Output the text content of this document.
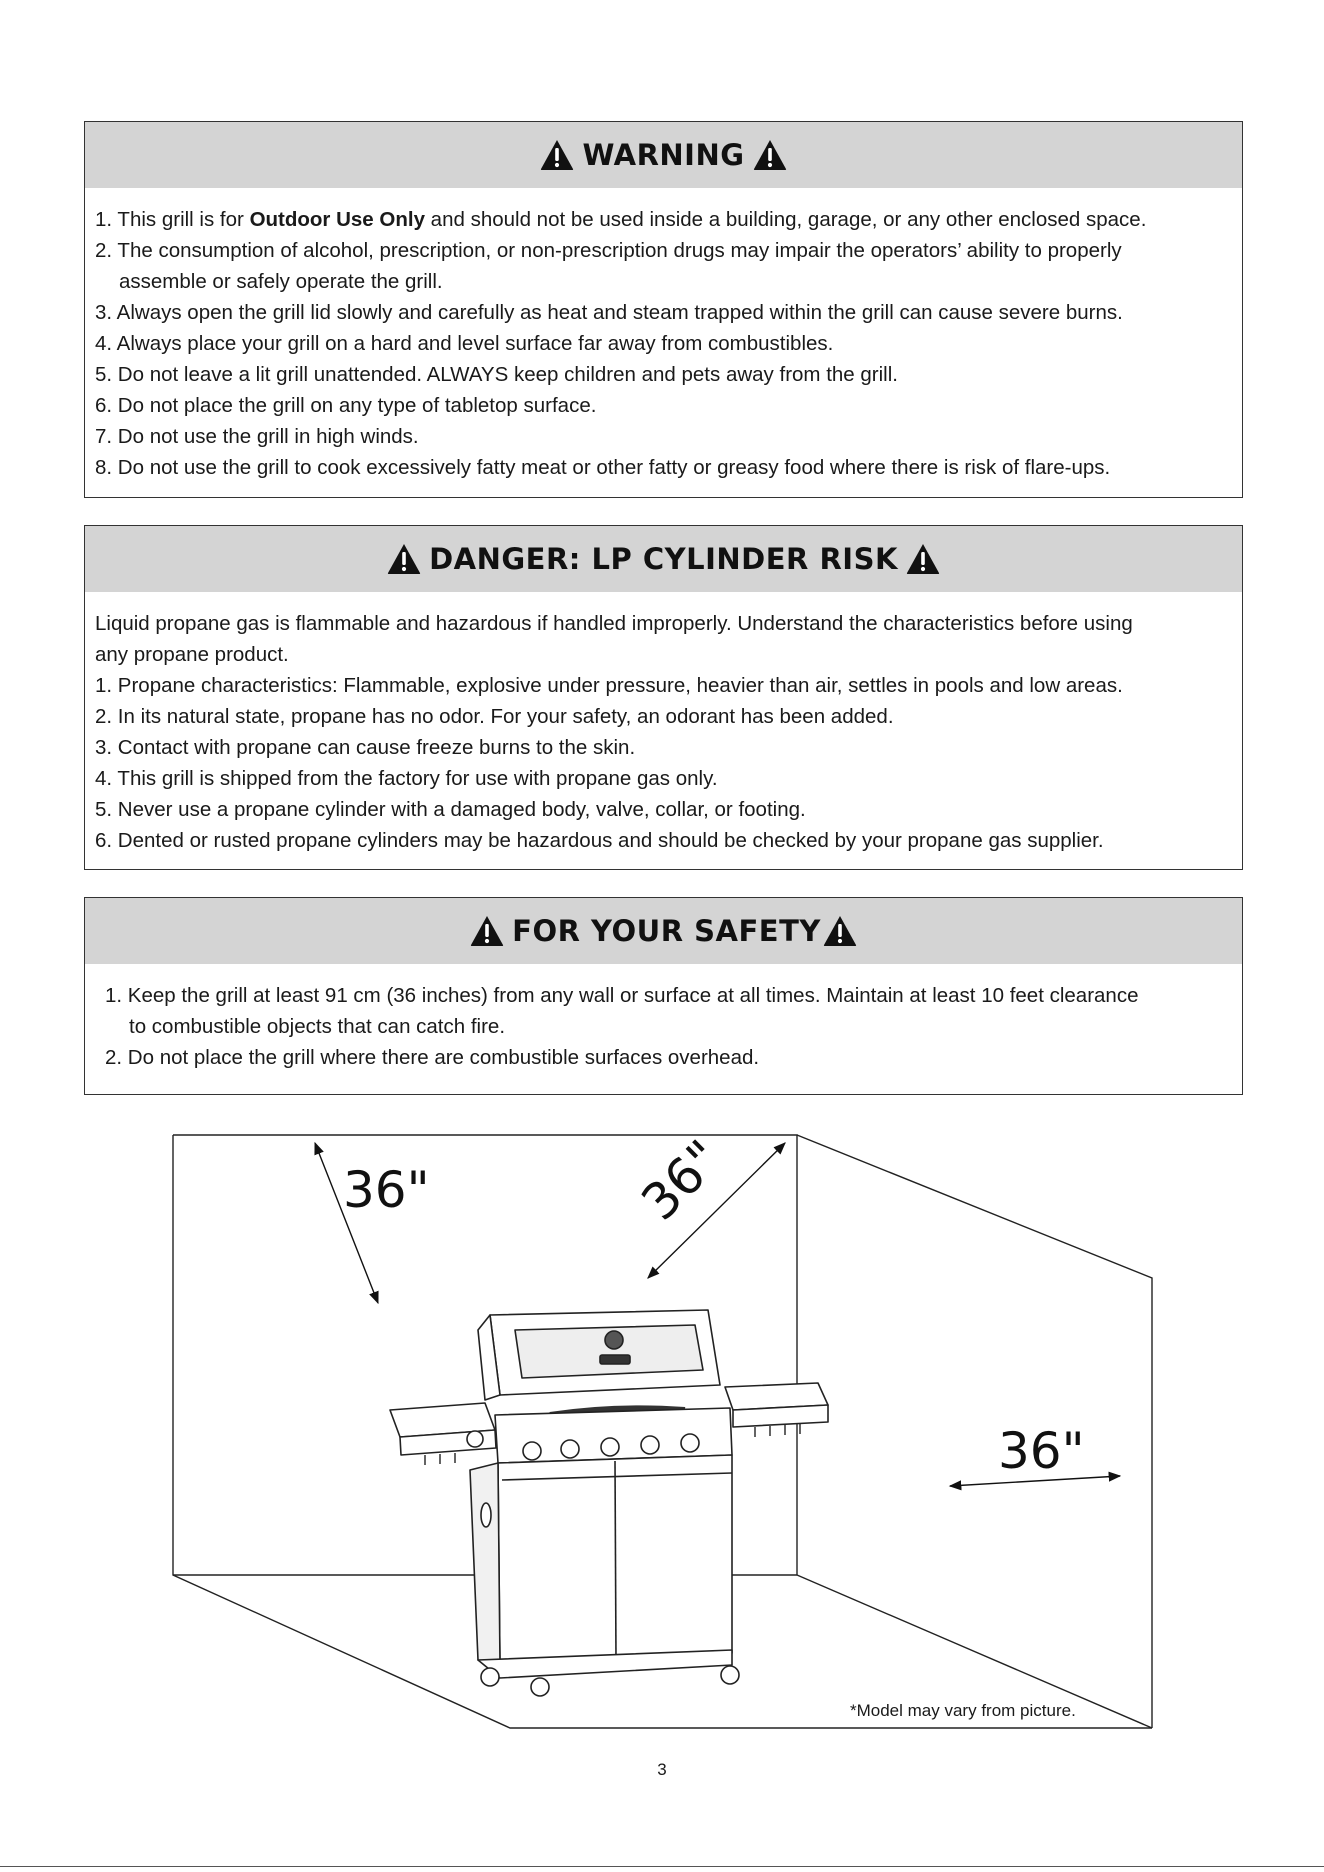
WARNING

1. This grill is for Outdoor Use Only and should not be used inside a building, garage, or any other enclosed space.

2. The consumption of alcohol, prescription, or non-prescription drugs may impair the operators’ ability to properly

assemble or safely operate the grill.

3. Always open the grill lid slowly and carefully as heat and steam trapped within the grill can cause severe burns.

4. Always place your grill on a hard and level surface far away from combustibles.

5. Do not leave a lit grill unattended. ALWAYS keep children and pets away from the grill.

6. Do not place the grill on any type of tabletop surface.

7. Do not use the grill in high winds.

8. Do not use the grill to cook excessively fatty meat or other fatty or greasy food where there is risk of flare-ups.

DANGER: LP CYLINDER RISK

Liquid propane gas is flammable and hazardous if handled improperly. Understand the characteristics before using

any propane product.

1. Propane characteristics: Flammable, explosive under pressure, heavier than air, settles in pools and low areas.

2. In its natural state, propane has no odor. For your safety, an odorant has been added.

3. Contact with propane can cause freeze burns to the skin.

4. This grill is shipped from the factory for use with propane gas only.

5. Never use a propane cylinder with a damaged body, valve, collar, or footing.

6. Dented or rusted propane cylinders may be hazardous and should be checked by your propane gas supplier.

FOR YOUR SAFETY

1. Keep the grill at least 91 cm (36 inches) from any wall or surface at all times. Maintain at least 10 feet clearance

to combustible objects that can catch fire.

2. Do not place the grill where there are combustible surfaces overhead.

36"	36"
36"
*Model may vary from picture.
3
